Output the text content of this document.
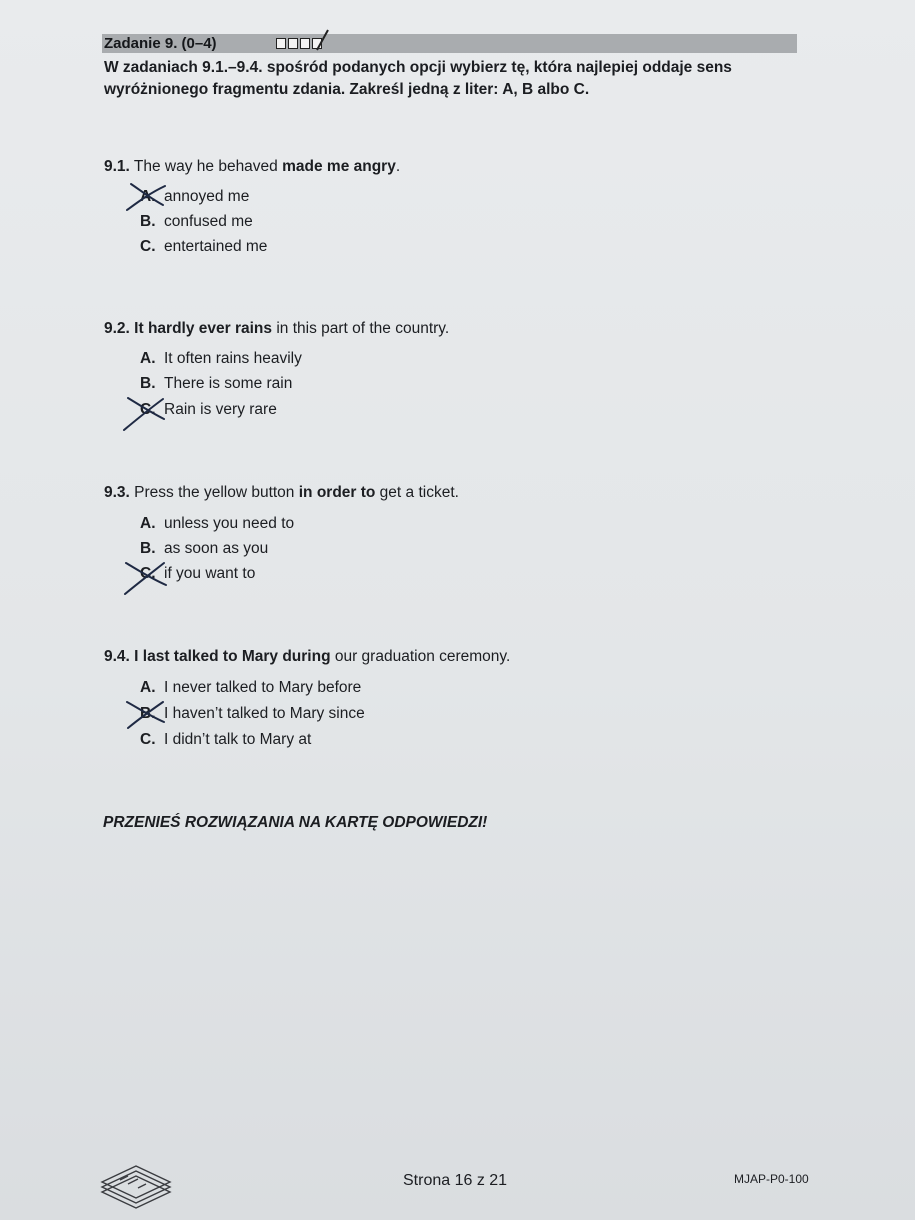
Zadanie 9. (0–4)

W zadaniach 9.1.–9.4. spośród podanych opcji wybierz tę, która najlepiej oddaje sens
wyróżnionego fragmentu zdania. Zakreśl jedną z liter: A, B albo C.

9.1. The way he behaved made me angry.

A. annoyed me
B. confused me
C. entertained me

9.2. It hardly ever rains in this part of the country.

A. It often rains heavily
B. There is some rain
C. Rain is very rare

9.3. Press the yellow button in order to get a ticket.

A. unless you need to
B. as soon as you
C. if you want to

9.4. I last talked to Mary during our graduation ceremony.

A. I never talked to Mary before
B. I haven’t talked to Mary since
C. I didn’t talk to Mary at
PRZENIEŚ ROZWIĄZANIA NA KARTĘ ODPOWIEDZI!
Strona 16 z 21	MJAP-P0-100
